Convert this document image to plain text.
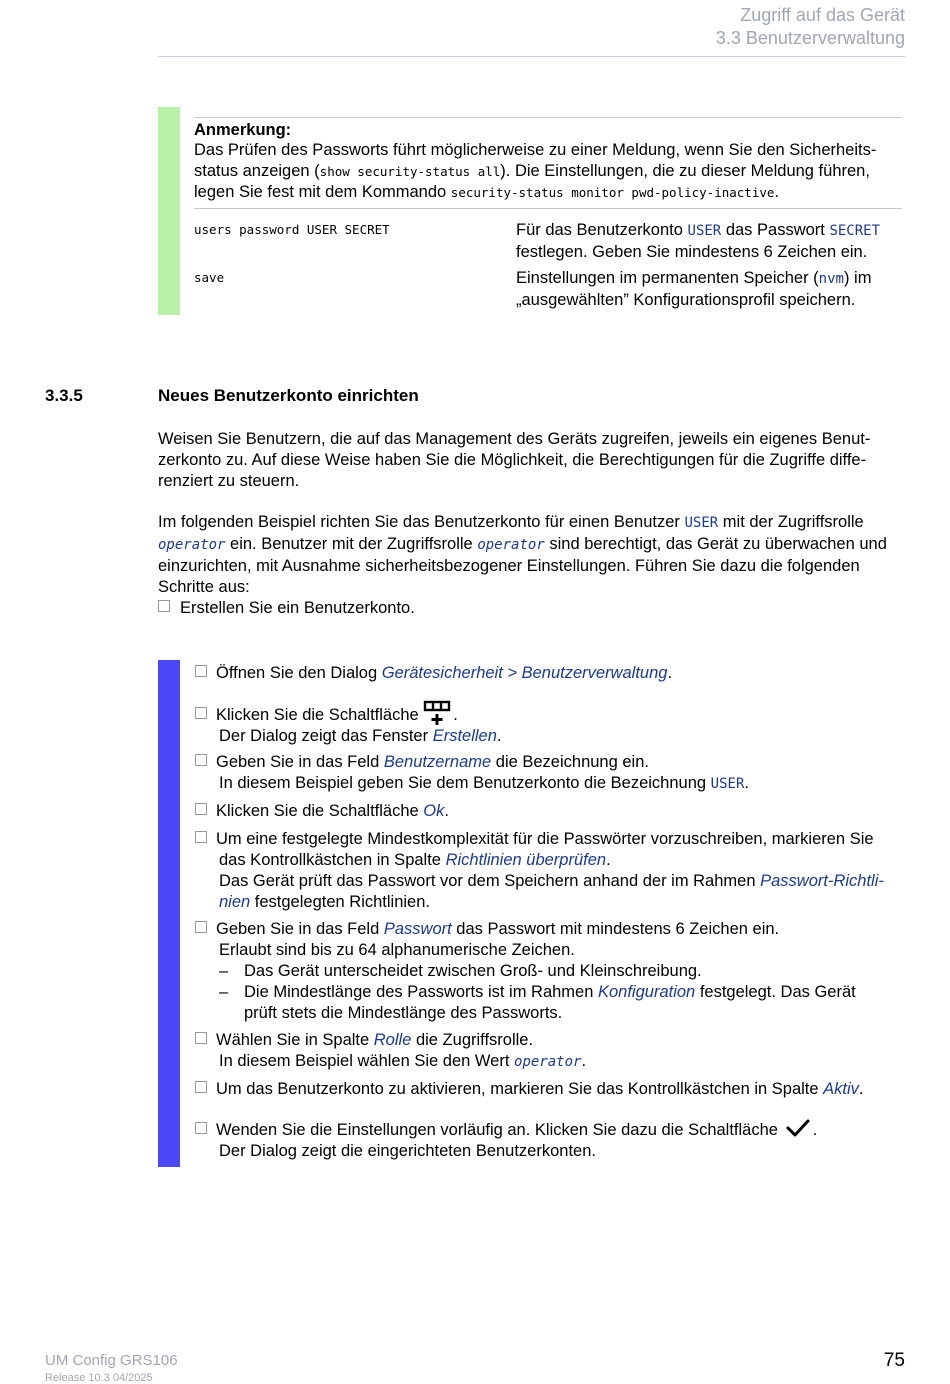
Zugriff auf das Gerät
3.3 Benutzerverwaltung
Anmerkung:
Das Prüfen des Passworts führt möglicherweise zu einer Meldung, wenn Sie den Sicherheits-
status anzeigen (show security-status all). Die Einstellungen, die zu dieser Meldung führen,
legen Sie fest mit dem Kommando security-status monitor pwd-policy-inactive.
users password USER SECRET	Für das Benutzerkonto USER das Passwort SECRET
festlegen. Geben Sie mindestens 6 Zeichen ein.
save	Einstellungen im permanenten Speicher (nvm) im
„ausgewählten” Konfigurationsprofil speichern.
3.3.5	Neues Benutzerkonto einrichten
Weisen Sie Benutzern, die auf das Management des Geräts zugreifen, jeweils ein eigenes Benut-
zerkonto zu. Auf diese Weise haben Sie die Möglichkeit, die Berechtigungen für die Zugriffe diffe-
renziert zu steuern.
Im folgenden Beispiel richten Sie das Benutzerkonto für einen Benutzer USER mit der Zugriffsrolle
operator ein. Benutzer mit der Zugriffsrolle operator sind berechtigt, das Gerät zu überwachen und
einzurichten, mit Ausnahme sicherheitsbezogener Einstellungen. Führen Sie dazu die folgenden
Schritte aus:
Erstellen Sie ein Benutzerkonto.
Öffnen Sie den Dialog Gerätesicherheit > Benutzerverwaltung.
Klicken Sie die Schaltfläche .
Der Dialog zeigt das Fenster Erstellen.
Geben Sie in das Feld Benutzername die Bezeichnung ein.
In diesem Beispiel geben Sie dem Benutzerkonto die Bezeichnung USER.
Klicken Sie die Schaltfläche Ok.
Um eine festgelegte Mindestkomplexität für die Passwörter vorzuschreiben, markieren Sie
das Kontrollkästchen in Spalte Richtlinien überprüfen.
Das Gerät prüft das Passwort vor dem Speichern anhand der im Rahmen Passwort-Richtli-
nien festgelegten Richtlinien.
Geben Sie in das Feld Passwort das Passwort mit mindestens 6 Zeichen ein.
Erlaubt sind bis zu 64 alphanumerische Zeichen.
– Das Gerät unterscheidet zwischen Groß- und Kleinschreibung.
– Die Mindestlänge des Passworts ist im Rahmen Konfiguration festgelegt. Das Gerät
prüft stets die Mindestlänge des Passworts.
Wählen Sie in Spalte Rolle die Zugriffsrolle.
In diesem Beispiel wählen Sie den Wert operator.
Um das Benutzerkonto zu aktivieren, markieren Sie das Kontrollkästchen in Spalte Aktiv.
Wenden Sie die Einstellungen vorläufig an. Klicken Sie dazu die Schaltfläche .
Der Dialog zeigt die eingerichteten Benutzerkonten.
UM Config GRS106
Release 10.3 04/2025
75
